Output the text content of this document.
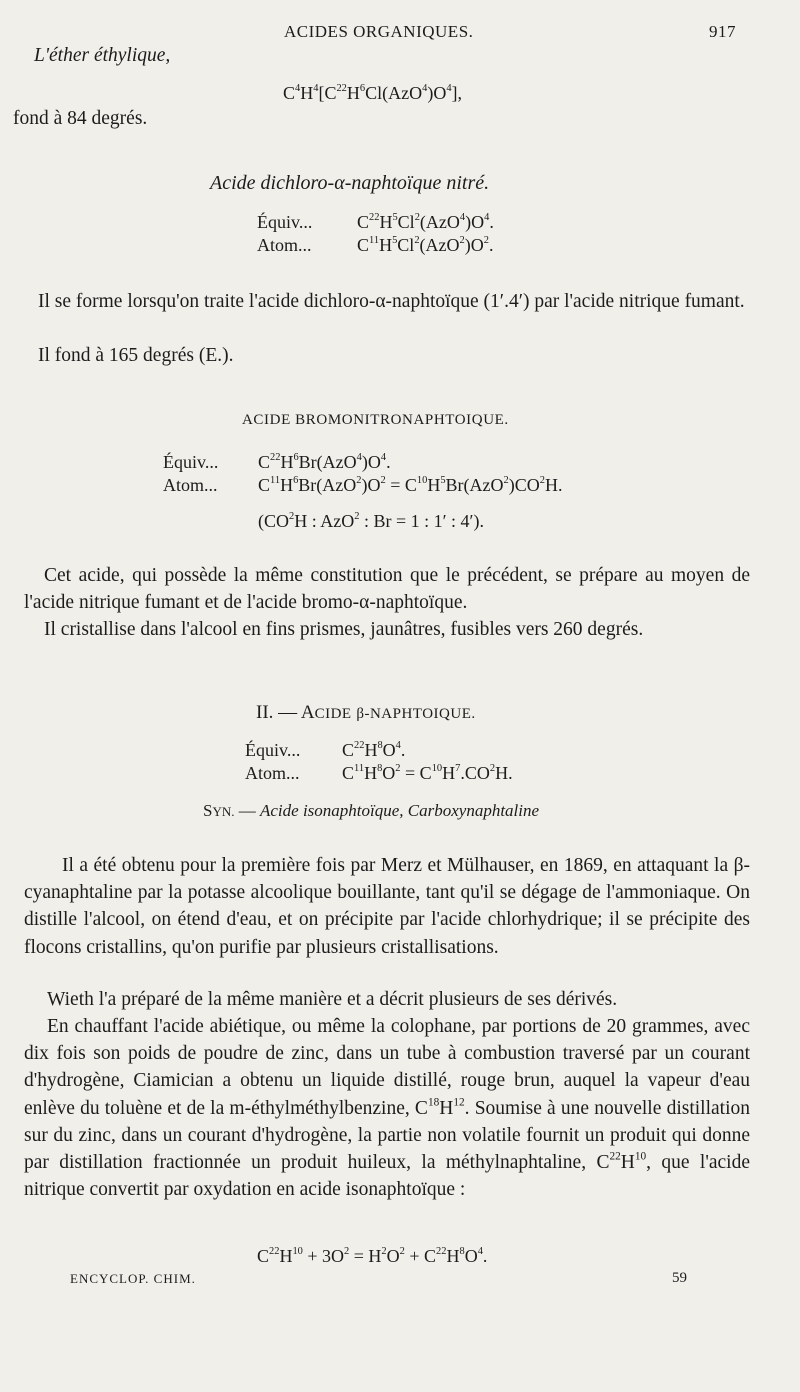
ACIDES ORGANIQUES.	917
L'éther éthylique,
$C^4H^4[C^{22}H^6Cl(AzO^4)O^4]$,
fond à 84 degrés.
Acide dichloro-α-naphtoïque nitré.
Équiv... $C^{22}H^5Cl^2(AzO^4)O^4$.
Atom...	$C^{11}H^5Cl^2(AzO^2)O^2$.
Il se forme lorsqu'on traite l'acide dichloro-α-naphtoïque (1′.4′) par l'acide nitrique fumant.
Il fond à 165 degrés (E.).
ACIDE BROMONITRONAPHTOIQUE.
Équiv... $C^{22}H^6Br(AzO^4)O^4$.
Atom... $C^{11}H^6Br(AzO^2)O^2 = C^{10}H^5Br(AzO^2)CO^2H$.
($CO^2H$ : AzO$^2$ : Br = 1 : 1′ : 4′).
Cet acide, qui possède la même constitution que le précédent, se prépare au moyen de l'acide nitrique fumant et de l'acide bromo-α-naphtoïque.
Il cristallise dans l'alcool en fins prismes, jaunâtres, fusibles vers 260 degrés.
II. — ACIDE β-NAPHTOIQUE.
Équiv... $C^{22}H^8O^4$.
Atom... $C^{11}H^8O^2 = C^{10}H^7.CO^2H$.
SYN. — Acide isonaphtoïque, Carboxynaphtaline
Il a été obtenu pour la première fois par Merz et Mülhauser, en 1869, en attaquant la β-cyanaphtaline par la potasse alcoolique bouillante, tant qu'il se dégage de l'ammoniaque. On distille l'alcool, on étend d'eau, et on précipite par l'acide chlorhydrique; il se précipite des flocons cristallins, qu'on purifie par plusieurs cristallisations.
Wieth l'a préparé de la même manière et a décrit plusieurs de ses dérivés.
En chauffant l'acide abiétique, ou même la colophane, par portions de 20 grammes, avec dix fois son poids de poudre de zinc, dans un tube à combustion traversé par un courant d'hydrogène, Ciamician a obtenu un liquide distillé, rouge brun, auquel la vapeur d'eau enlève du toluène et de la m-éthylméthylbenzine, $C^{18}H^{12}$. Soumise à une nouvelle distillation sur du zinc, dans un courant d'hydrogène, la partie non volatile fournit un produit qui donne par distillation fractionnée un produit huileux, la méthylnaphtaline, $C^{22}H^{10}$, que l'acide nitrique convertit par oxydation en acide isonaphtoïque :
$C^{22}H^{10} + 3O^2 = H^2O^2 + C^{22}H^8O^4$.
ENCYCLOP. CHIM.	59
